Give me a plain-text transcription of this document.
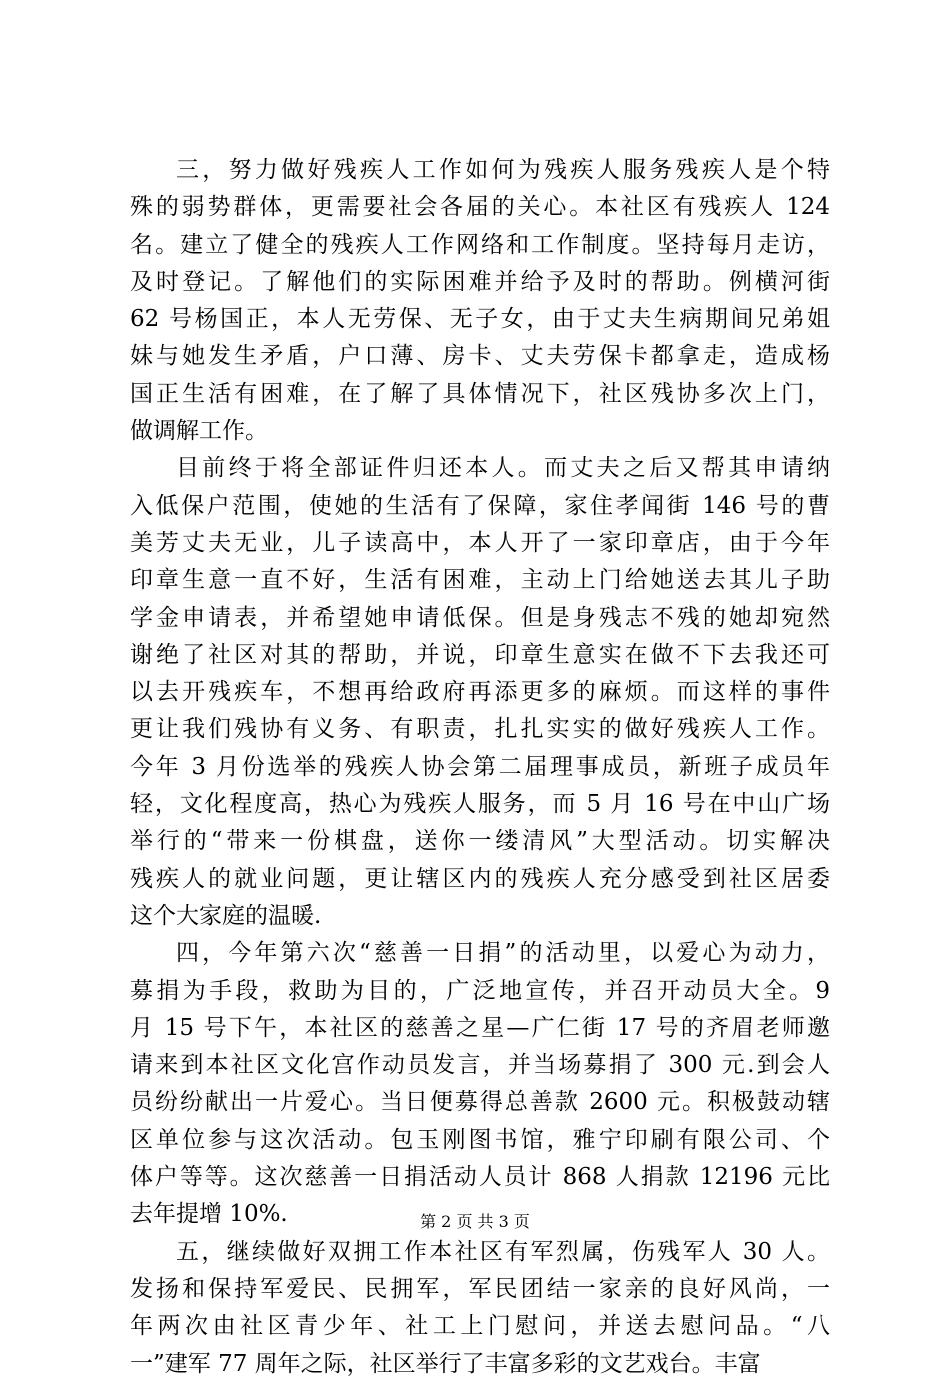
三，努力做好残疾人工作如何为残疾人服务残疾人是个特
殊的弱势群体，更需要社会各届的关心。本社区有残疾人 124
名。建立了健全的残疾人工作网络和工作制度。坚持每月走访，
及时登记。了解他们的实际困难并给予及时的帮助。例横河街
62 号杨国正，本人无劳保、无子女，由于丈夫生病期间兄弟姐
妹与她发生矛盾，户口薄、房卡、丈夫劳保卡都拿走，造成杨
国正生活有困难，在了解了具体情况下，社区残协多次上门，
做调解工作。
目前终于将全部证件归还本人。而丈夫之后又帮其申请纳
入低保户范围，使她的生活有了保障，家住孝闻街 146 号的曹
美芳丈夫无业，儿子读高中，本人开了一家印章店，由于今年
印章生意一直不好，生活有困难，主动上门给她送去其儿子助
学金申请表，并希望她申请低保。但是身残志不残的她却宛然
谢绝了社区对其的帮助，并说，印章生意实在做不下去我还可
以去开残疾车，不想再给政府再添更多的麻烦。而这样的事件
更让我们残协有义务、有职责，扎扎实实的做好残疾人工作。
今年 3 月份选举的残疾人协会第二届理事成员，新班子成员年
轻，文化程度高，热心为残疾人服务，而 5 月 16 号在中山广场
举行的“带来一份棋盘，送你一缕清风”大型活动。切实解决
残疾人的就业问题，更让辖区内的残疾人充分感受到社区居委
这个大家庭的温暖.
四，今年第六次“慈善一日捐”的活动里，以爱心为动力，
募捐为手段，救助为目的，广泛地宣传，并召开动员大全。9
月 15 号下午，本社区的慈善之星—广仁街 17 号的齐眉老师邀
请来到本社区文化宫作动员发言，并当场募捐了 300 元.到会人
员纷纷献出一片爱心。当日便募得总善款 2600 元。积极鼓动辖
区单位参与这次活动。包玉刚图书馆，雅宁印刷有限公司、个
体户等等。这次慈善一日捐活动人员计 868 人捐款 12196 元比
去年提增 10%.
五，继续做好双拥工作本社区有军烈属，伤残军人 30 人。
发扬和保持军爱民、民拥军，军民团结一家亲的良好风尚，一
年两次由社区青少年、社工上门慰问，并送去慰问品。“八
一”建军 77 周年之际，社区举行了丰富多彩的文艺戏台。丰富
第 2 页 共 3 页
